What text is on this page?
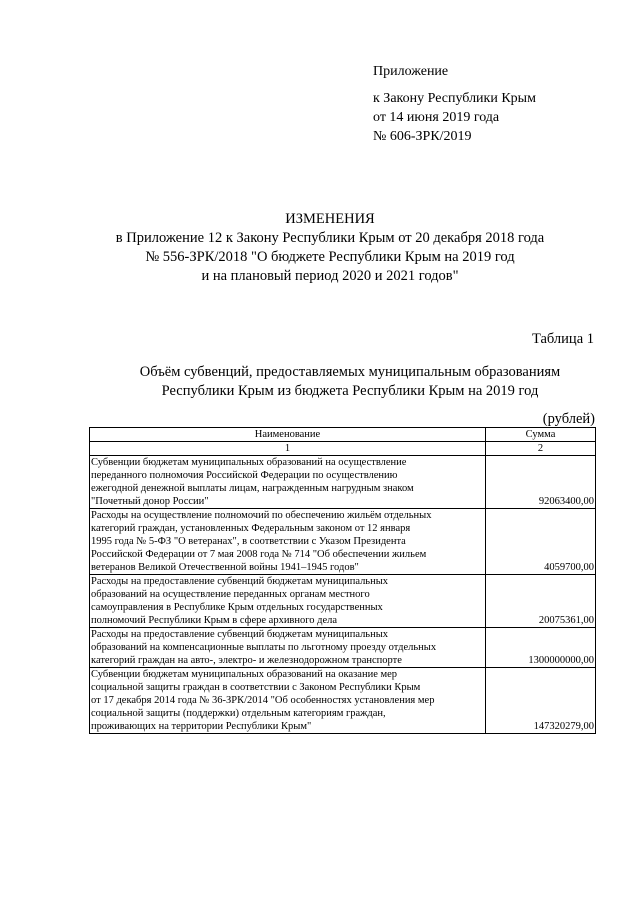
Приложение
к Закону Республики Крым
от 14 июня 2019 года
№ 606-ЗРК/2019
ИЗМЕНЕНИЯ
в Приложение 12 к Закону Республики Крым от 20 декабря 2018 года
№ 556-ЗРК/2018 "О бюджете Республики Крым на 2019 год
и на плановый период 2020 и 2021 годов"
Таблица 1
Объём субвенций, предоставляемых муниципальным образованиям
Республики Крым из бюджета Республики Крым на 2019 год
(рублей)
Наименование	Сумма
1	2

Субвенции бюджетам муниципальных образований на осуществление
переданного полномочия Российской Федерации по осуществлению
ежегодной денежной выплаты лицам, награжденным нагрудным знаком
"Почетный донор России"	92063400,00

Расходы на осуществление полномочий по обеспечению жильём отдельных
категорий граждан, установленных Федеральным законом от 12 января
1995 года № 5-ФЗ "О ветеранах", в соответствии с Указом Президента
Российской Федерации от 7 мая 2008 года № 714 "Об обеспечении жильем
ветеранов Великой Отечественной войны 1941–1945 годов"	4059700,00

Расходы на предоставление субвенций бюджетам муниципальных
образований на осуществление переданных органам местного
самоуправления в Республике Крым отдельных государственных
полномочий Республики Крым в сфере архивного дела	20075361,00

Расходы на предоставление субвенций бюджетам муниципальных
образований на компенсационные выплаты по льготному проезду отдельных
категорий граждан на авто-, электро- и железнодорожном транспорте	1300000000,00

Субвенции бюджетам муниципальных образований на оказание мер
социальной защиты граждан в соответствии с Законом Республики Крым
от 17 декабря 2014 года № 36-ЗРК/2014 "Об особенностях установления мер
социальной защиты (поддержки) отдельным категориям граждан,
проживающих на территории Республики Крым"	147320279,00
